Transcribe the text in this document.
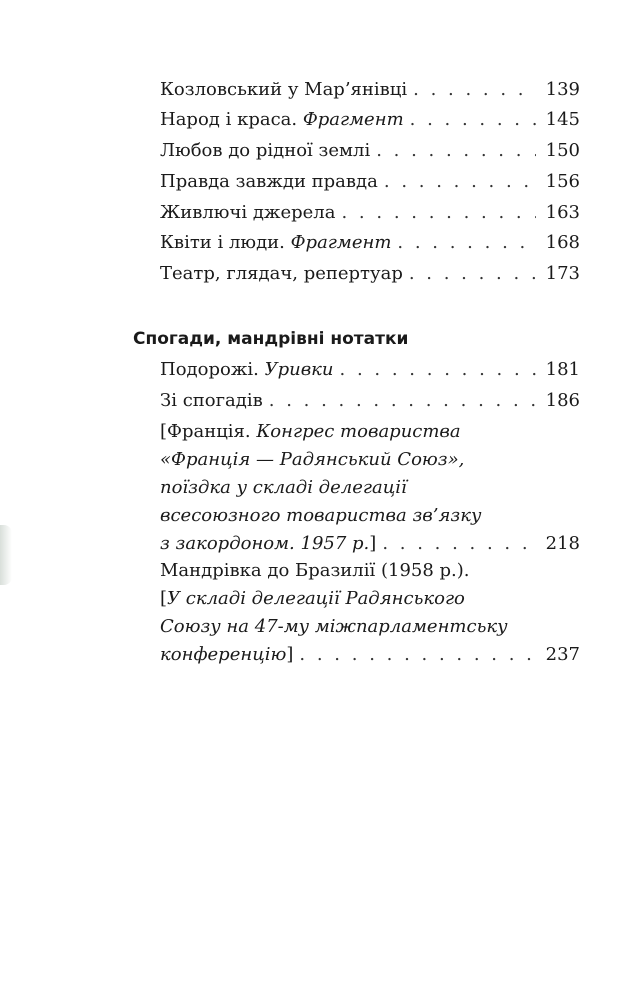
Козловський у Мар’янівці . . .	139
Народ і краса. Фрагмент . . .	145
Любов до рідної землі . . .	150
Правда завжди правда . . .	156
Живлючі джерела . . .	163
Квіти і люди. Фрагмент . . .	168
Театр, глядач, репертуар . . .	173
Спогади, мандрівні нотатки
Подорожі. Уривки . . .	181
Зі спогадів . . .	186
[Франція. Конгрес товариства
«Франція — Радянський Союз»,
поїздка у складі делегації
всесоюзного товариства зв’язку
з закордоном. 1957 р.] . . .	218
Мандрівка до Бразилії (1958 р.).
[У складі делегації Радянського
Союзу на 47-му міжпарламентську
конференцію] . . .	237
